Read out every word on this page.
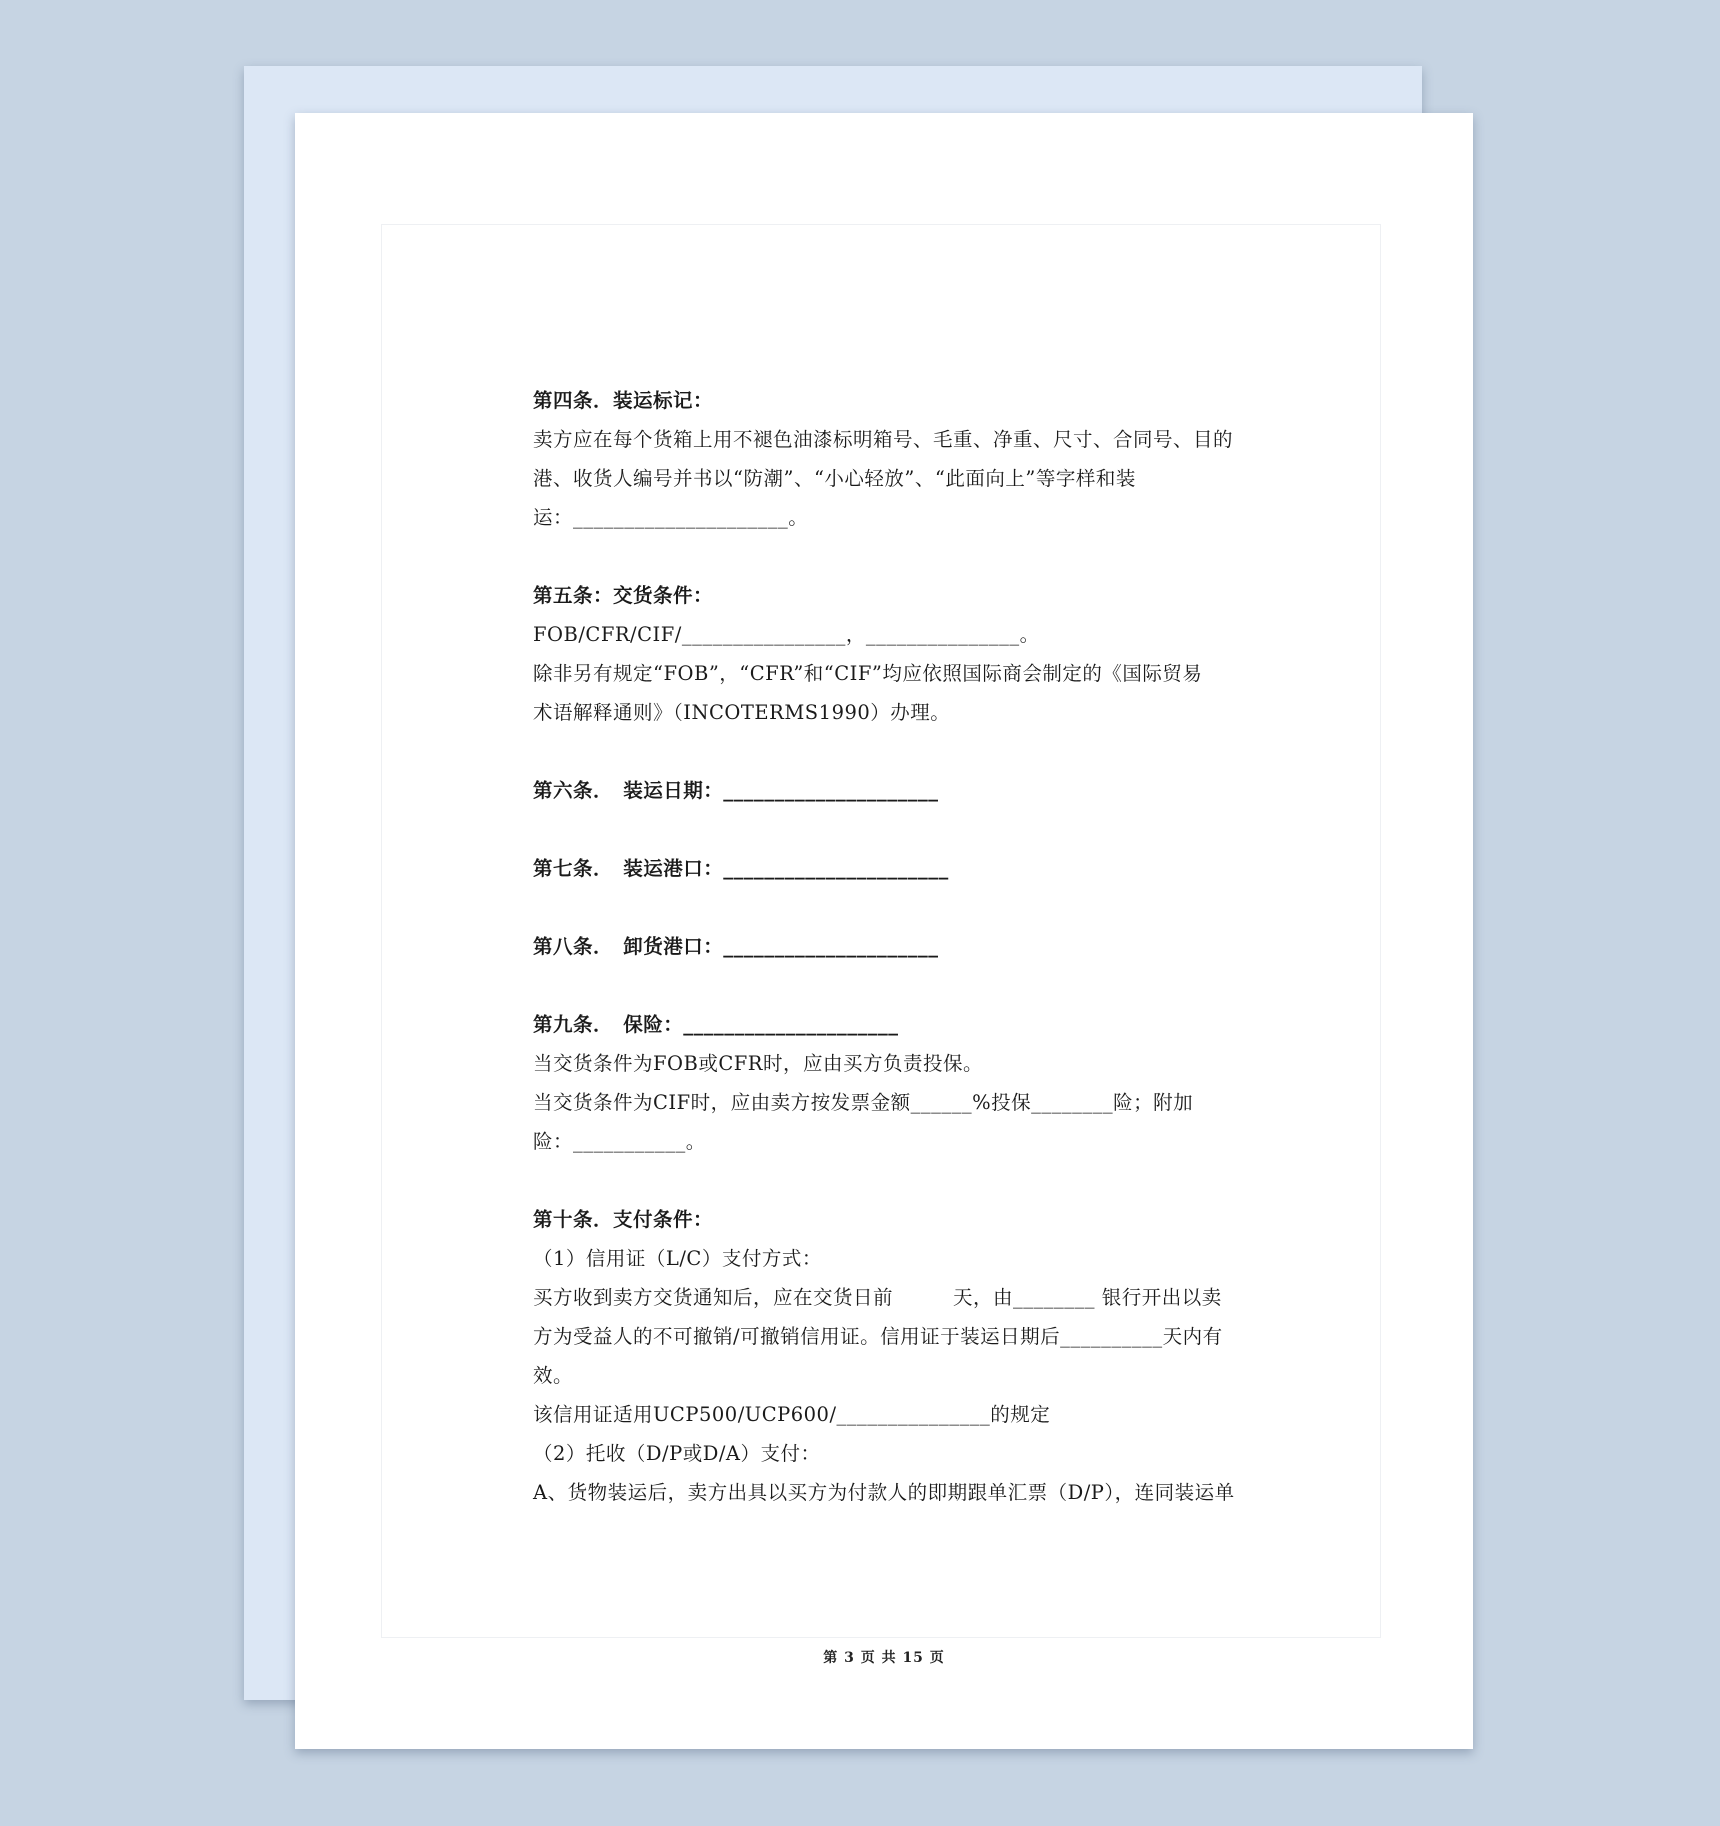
第四条．装运标记：

卖方应在每个货箱上用不褪色油漆标明箱号、毛重、净重、尺寸、合同号、目的

港、收货人编号并书以“防潮”、“小心轻放”、“此面向上”等字样和装

运：_____________________。

第五条：交货条件：

FOB/CFR/CIF/________________，_______________。

除非另有规定“FOB”，“CFR”和“CIF”均应依照国际商会制定的《国际贸易

术语解释通则》（INCOTERMS1990）办理。

第六条．　装运日期：_____________________

第七条．　装运港口：______________________

第八条．　卸货港口：_____________________

第九条．　保险：_____________________

当交货条件为FOB或CFR时，应由买方负责投保。

当交货条件为CIF时，应由卖方按发票金额______%投保________险；附加

险：___________。

第十条．支付条件：

（1）信用证（L/C）支付方式：

买方收到卖方交货通知后，应在交货日前　　　天，由________ 银行开出以卖

方为受益人的不可撤销/可撤销信用证。信用证于装运日期后__________天内有

效。

该信用证适用UCP500/UCP600/_______________的规定

（2）托收（D/P或D/A）支付：

A、货物装运后，卖方出具以买方为付款人的即期跟单汇票（D/P），连同装运单

第 3 页 共 15 页
